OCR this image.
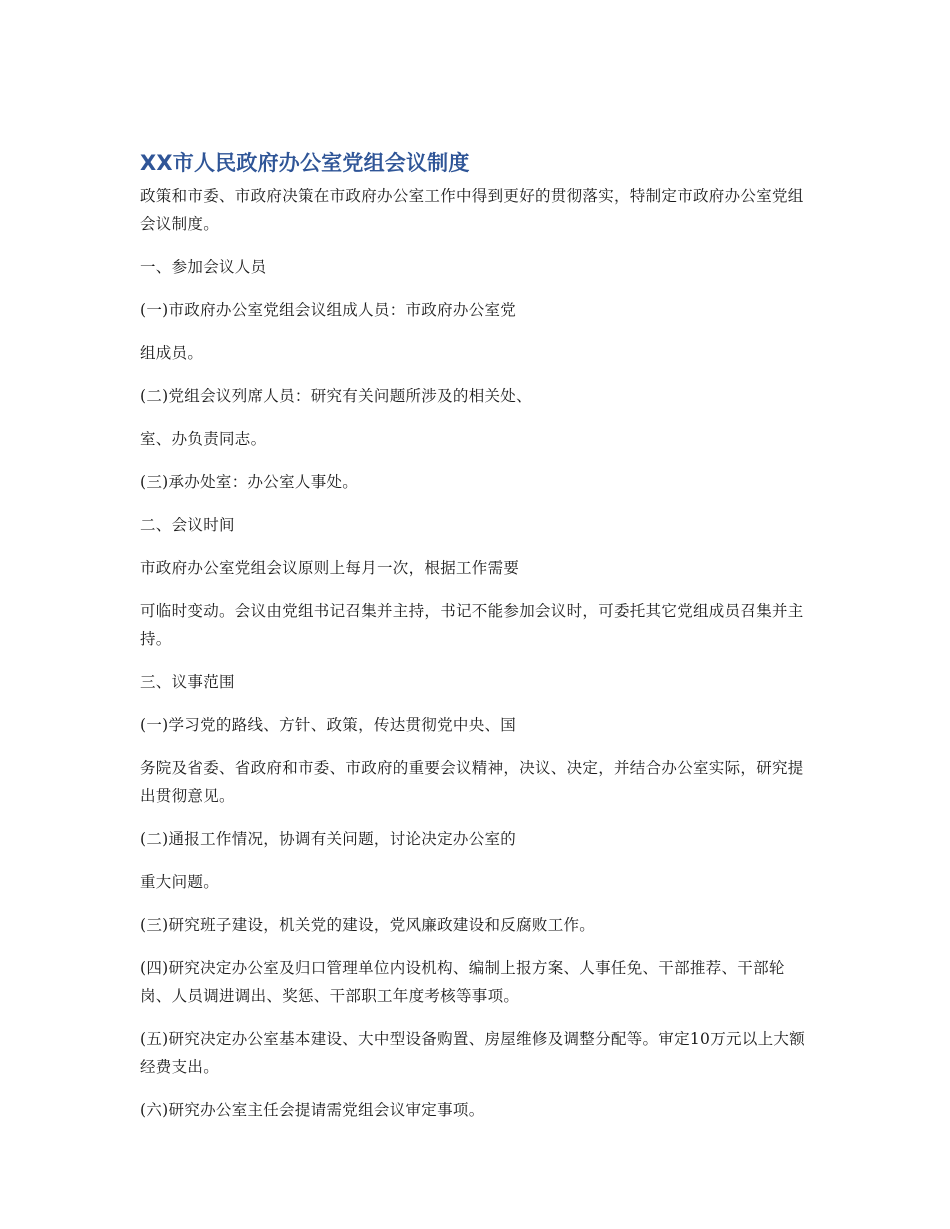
XX市人民政府办公室党组会议制度

政策和市委、市政府决策在市政府办公室工作中得到更好的贯彻落实，特制定市政府办公室党组会议制度。

一、参加会议人员

(一)市政府办公室党组会议组成人员：市政府办公室党

组成员。

(二)党组会议列席人员：研究有关问题所涉及的相关处、

室、办负责同志。

(三)承办处室：办公室人事处。

二、会议时间

市政府办公室党组会议原则上每月一次，根据工作需要

可临时变动。会议由党组书记召集并主持，书记不能参加会议时，可委托其它党组成员召集并主持。

三、议事范围

(一)学习党的路线、方针、政策，传达贯彻党中央、国

务院及省委、省政府和市委、市政府的重要会议精神，决议、决定，并结合办公室实际，研究提出贯彻意见。

(二)通报工作情况，协调有关问题，讨论决定办公室的

重大问题。

(三)研究班子建设，机关党的建设，党风廉政建设和反腐败工作。

(四)研究决定办公室及归口管理单位内设机构、编制上报方案、人事任免、干部推荐、干部轮岗、人员调进调出、奖惩、干部职工年度考核等事项。

(五)研究决定办公室基本建设、大中型设备购置、房屋维修及调整分配等。审定10万元以上大额经费支出。

(六)研究办公室主任会提请需党组会议审定事项。
